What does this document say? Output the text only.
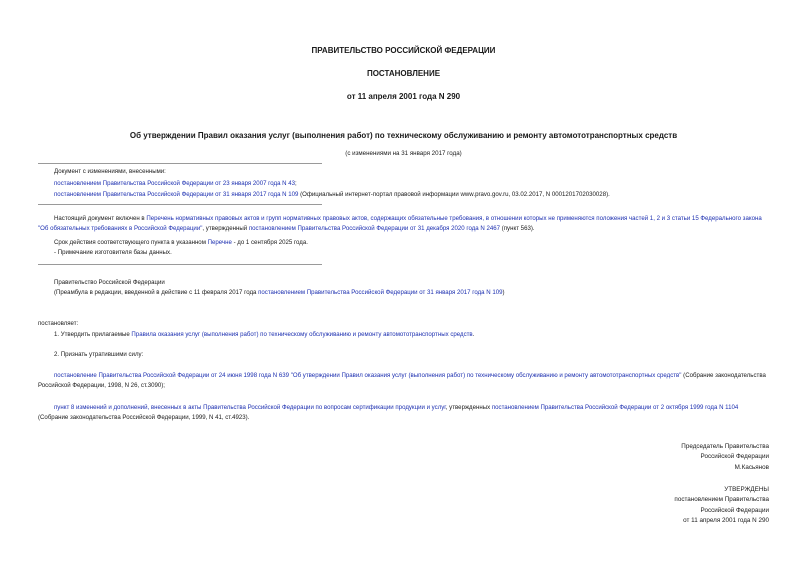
ПРАВИТЕЛЬСТВО РОССИЙСКОЙ ФЕДЕРАЦИИ
ПОСТАНОВЛЕНИЕ
от 11 апреля 2001 года N 290
Об утверждении Правил оказания услуг (выполнения работ) по техническому обслуживанию и ремонту автомототранспортных средств
(с изменениями на 31 января 2017 года)
Документ с изменениями, внесенными:
постановлением Правительства Российской Федерации от 23 января 2007 года N 43;
постановлением Правительства Российской Федерации от 31 января 2017 года N 109 (Официальный интернет-портал правовой информации www.pravo.gov.ru, 03.02.2017, N 0001201702030028).
Настоящий документ включен в Перечень нормативных правовых актов и групп нормативных правовых актов, содержащих обязательные требования, в отношении которых не применяются положения частей 1, 2 и 3 статьи 15 Федерального закона "Об обязательных требованиях в Российской Федерации", утвержденный постановлением Правительства Российской Федерации от 31 декабря 2020 года N 2467 (пункт 563).
Срок действия соответствующего пункта в указанном Перечне - до 1 сентября 2025 года.
- Примечание изготовителя базы данных.
Правительство Российской Федерации
(Преамбула в редакции, введенной в действие с 11 февраля 2017 года постановлением Правительства Российской Федерации от 31 января 2017 года N 109)
постановляет:
1. Утвердить прилагаемые Правила оказания услуг (выполнения работ) по техническому обслуживанию и ремонту автомототранспортных средств.
2. Признать утратившими силу:
постановление Правительства Российской Федерации от 24 июня 1998 года N 639 "Об утверждении Правил оказания услуг (выполнения работ) по техническому обслуживанию и ремонту автомототранспортных средств" (Собрание законодательства Российской Федерации, 1998, N 26, ст.3090);
пункт 8 изменений и дополнений, внесенных в акты Правительства Российской Федерации по вопросам сертификации продукции и услуг, утвержденных постановлением Правительства Российской Федерации от 2 октября 1999 года N 1104 (Собрание законодательства Российской Федерации, 1999, N 41, ст.4923).
Председатель Правительства
Российской Федерации
М.Касьянов
УТВЕРЖДЕНЫ
постановлением Правительства
Российской Федерации
от 11 апреля 2001 года N 290
